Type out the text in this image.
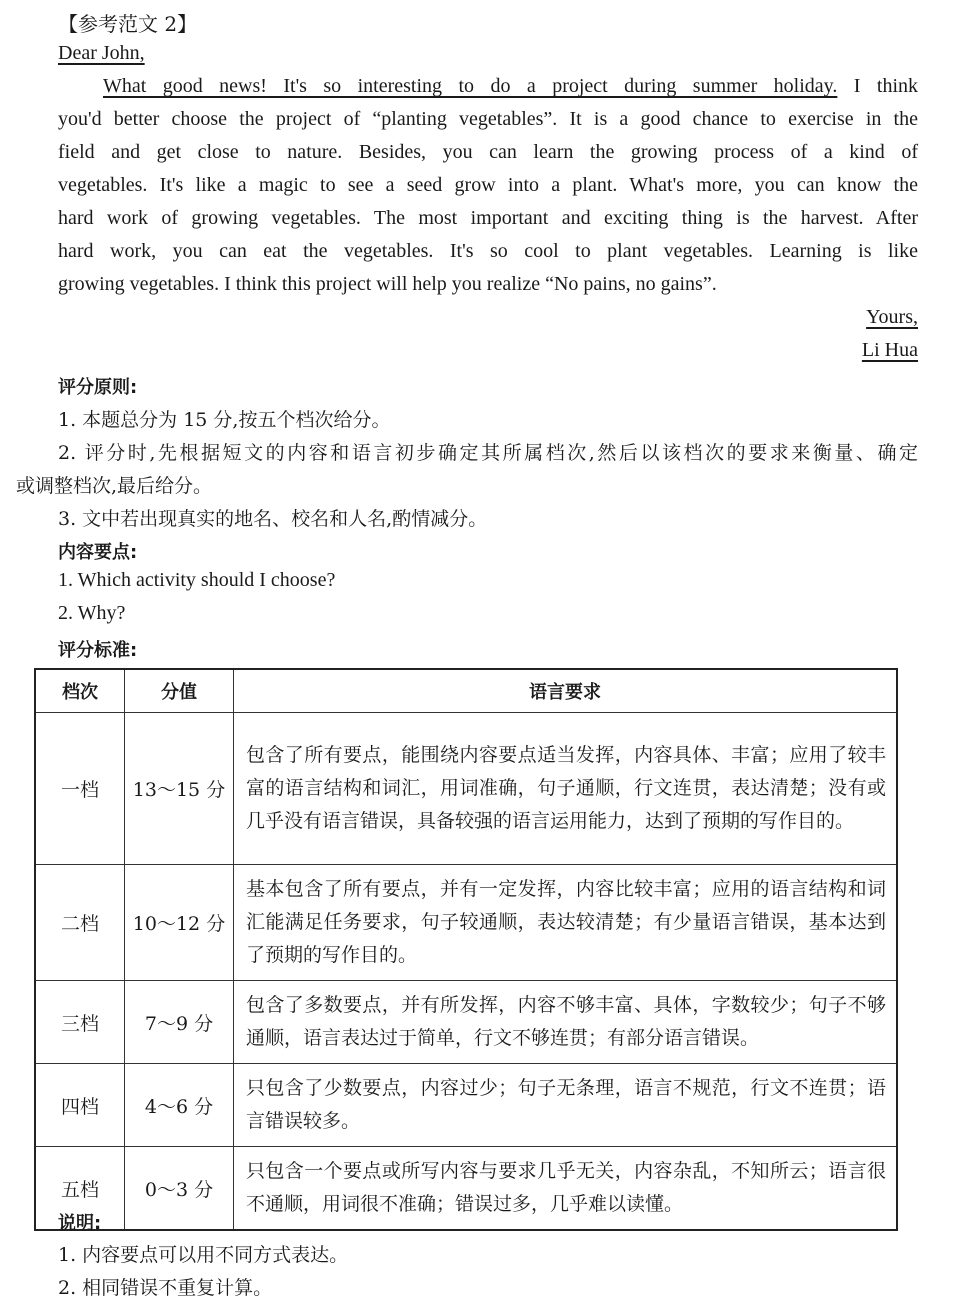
【参考范文 2】
Dear John,
What good news! It's so interesting to do a project during summer holiday. I think
you'd better choose the project of “planting vegetables”. It is a good chance to exercise in the
field and get close to nature. Besides, you can learn the growing process of a kind of
vegetables. It's like a magic to see a seed grow into a plant. What's more, you can know the
hard work of growing vegetables. The most important and exciting thing is the harvest. After
hard work, you can eat the vegetables. It's so cool to plant vegetables. Learning is like
growing vegetables. I think this project will help you realize “No pains, no gains”.
Yours,
Li Hua
评分原则:
1. 本题总分为 15 分,按五个档次给分。
2. 评分时,先根据短文的内容和语言初步确定其所属档次,然后以该档次的要求来衡量、确定
或调整档次,最后给分。
3. 文中若出现真实的地名、校名和人名,酌情减分。
内容要点:
1. Which activity should I choose?
2. Why?
评分标准:
档次	分值	语言要求
一档	13～15 分	包含了所有要点，能围绕内容要点适当发挥，内容具体、丰富；应用了较丰富的语言结构和词汇，用词准确，句子通顺，行文连贯，表达清楚；没有或几乎没有语言错误，具备较强的语言运用能力，达到了预期的写作目的。
二档	10～12 分	基本包含了所有要点，并有一定发挥，内容比较丰富；应用的语言结构和词汇能满足任务要求，句子较通顺，表达较清楚；有少量语言错误，基本达到了预期的写作目的。
三档	7～9 分	包含了多数要点，并有所发挥，内容不够丰富、具体，字数较少；句子不够通顺，语言表达过于简单，行文不够连贯；有部分语言错误。
四档	4～6 分	只包含了少数要点，内容过少；句子无条理，语言不规范，行文不连贯；语言错误较多。
五档	0～3 分	只包含一个要点或所写内容与要求几乎无关，内容杂乱，不知所云；语言很不通顺，用词很不准确；错误过多，几乎难以读懂。
说明:
1. 内容要点可以用不同方式表达。
2. 相同错误不重复计算。
